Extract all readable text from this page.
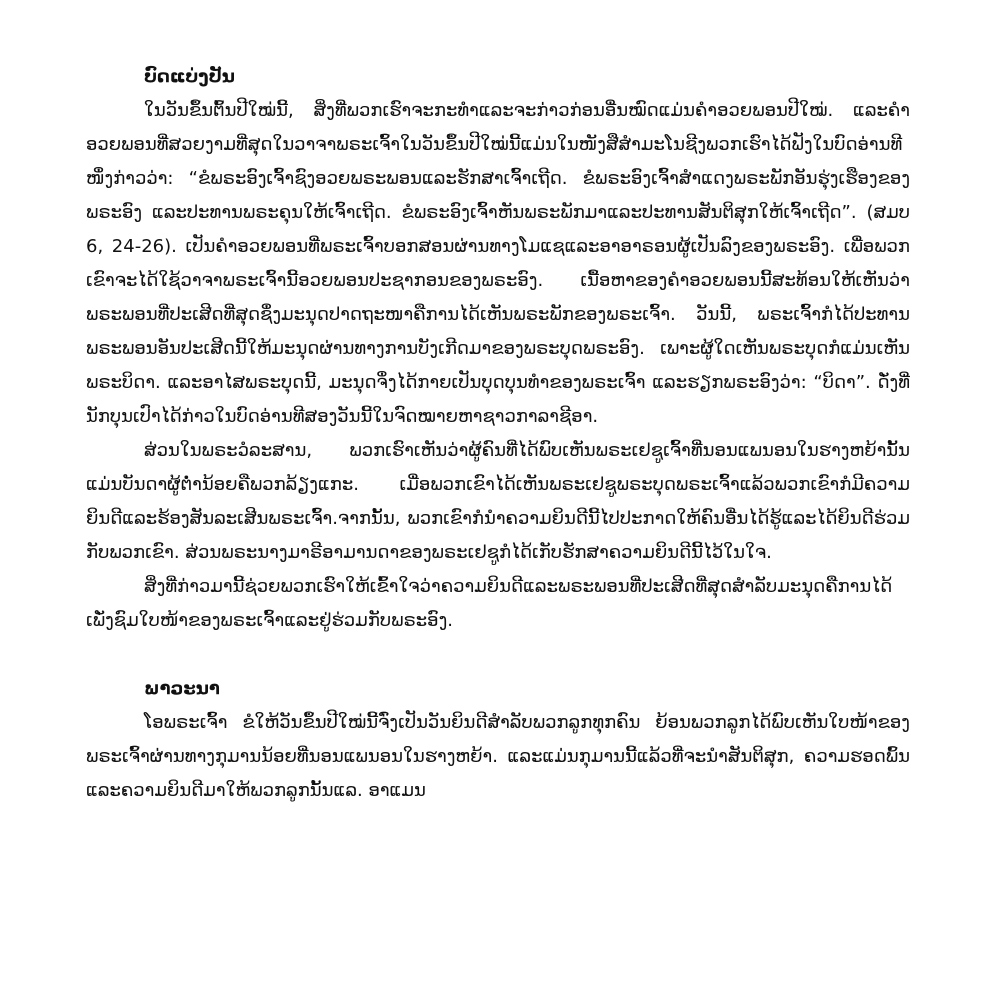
ບົດແບ່ງປັນ

ໃນວັນຂຶ້ນຕົ້ນປີໃໝ່ນີ້, ສິ່ງທີ່ພວກເຮົາຈະກະທຳແລະຈະກ່າວກ່ອນອື່ນໝົດແມ່ນຄຳອວຍພອນປີໃໝ່. ແລະຄຳອວຍພອນທີ່ສວຍງາມທີ່ສຸດໃນວາຈາພຣະເຈົ້າໃນວັນຂຶ້ນປີໃໝ່ນີ້ແມ່ນໃນໜັງສືສຳມະໂນຊີງພວກເຮົາໄດ້ຟັງໃນບົດອ່ານທີໜຶ່ງກ່າວວ່າ: “ຂໍພຣະອົງເຈົ້າຊົງອວຍພຣະພອນແລະຮັກສາເຈົ້າເຖີດ. ຂໍພຣະອົງເຈົ້າສຳແດງພຣະພັກອັນຮຸ່ງເຮືອງຂອງພຣະອົງ ແລະປະທານພຣະຄຸນໃຫ້ເຈົ້າເຖີດ. ຂໍພຣະອົງເຈົ້າຫັນພຣະພັກມາແລະປະທານສັນຕິສຸກໃຫ້ເຈົ້າເຖີດ”. (ສມບ 6, 24-26). ເປັນຄຳອວຍພອນທີ່ພຣະເຈົ້າບອກສອນຜ່ານທາງໂມແຊແລະອາອາຣອນຜູ້ເປັນລົງຂອງພຣະອົງ. ເພື່ອພວກເຂົາຈະໄດ້ໃຊ້ວາຈາພຣະເຈົ້ານີ້ອວຍພອນປະຊາກອນຂອງພຣະອົງ. ເນື້ອຫາຂອງຄຳອວຍພອນນີ້ສະທ້ອນໃຫ້ເຫັນວ່າ ພຣະພອນທີ່ປະເສີດທີ່ສຸດຊຶ່ງມະນຸດປາດຖະໜາຄືການໄດ້ເຫັນພຣະພັກຂອງພຣະເຈົ້າ. ວັນນີ້, ພຣະເຈົ້າກໍໄດ້ປະທານພຣະພອນອັນປະເສີດນີ້ໃຫ້ມະນຸດຜ່ານທາງການບັງເກີດມາຂອງພຣະບຸດພຣະອົງ. ເພາະຜູ້ໃດເຫັນພຣະບຸດກໍແມ່ນເຫັນພຣະບິດາ. ແລະອາໄສພຣະບຸດນີ້, ມະນຸດຈຶ່ງໄດ້ກາຍເປັນບຸດບຸນທຳຂອງພຣະເຈົ້າ ແລະຮຽກພຣະອົງວ່າ: “ບິດາ”. ດັ່ງທີ່ນັກບຸນເປົາໄດ້ກ່າວໃນບົດອ່ານທີສອງວັນນີ້ໃນຈົດໝາຍຫາຊາວກາລາຊີອາ.

ສ່ວນໃນພຣະວໍລະສານ, ພວກເຮົາເຫັນວ່າຜູ້ຄົນທີ່ໄດ້ພົບເຫັນພຣະເຢຊູເຈົ້າທີ່ນອນແພນອນໃນຮາງຫຍ້ານັ້ນແມ່ນບັນດາຜູ້ຕໍ່ານ້ອຍຄືພວກລ້ຽງແກະ. ເມື່ອພວກເຂົາໄດ້ເຫັນພຣະເຢຊູພຣະບຸດພຣະເຈົ້າແລ້ວພວກເຂົາກໍມີຄວາມຍິນດີແລະຮ້ອງສັນລະເສີນພຣະເຈົ້າ.ຈາກນັ້ນ, ພວກເຂົາກໍນຳຄວາມຍິນດີນີ້ໄປປະກາດໃຫ້ຄົນອື່ນໄດ້ຮູ້ແລະໄດ້ຍິນດີຮ່ວມກັບພວກເຂົາ. ສ່ວນພຣະນາງມາຣີອາມານດາຂອງພຣະເຢຊູກໍໄດ້ເກັບຮັກສາຄວາມຍິນດີນີ້ໄວ້ໃນໃຈ.

ສິ່ງທີ່ກ່າວມານີ້ຊ່ວຍພວກເຮົາໃຫ້ເຂົ້າໃຈວ່າຄວາມຍິນດີແລະພຣະພອນທີ່ປະເສີດທີ່ສຸດສຳລັບມະນຸດຄືການໄດ້ເພັ່ງຊົມໃບໜ້າຂອງພຣະເຈົ້າແລະຢູ່ຮ່ວມກັບພຣະອົງ.

ພາວະນາ

ໂອພຣະເຈົ້າ ຂໍໃຫ້ວັນຂຶ້ນປີໃໝ່ນີ້ຈົ່ງເປັນວັນຍິນດີສຳລັບພວກລູກທຸກຄົນ ຍ້ອນພວກລູກໄດ້ພົບເຫັນໃບໜ້າຂອງພຣະເຈົ້າຜ່ານທາງກຸມານນ້ອຍທີ່ນອນແພນອນໃນຮາງຫຍ້າ. ແລະແມ່ນກຸມານນີ້ແລ້ວທີ່ຈະນຳສັນຕິສຸກ, ຄວາມຮອດພົ້ນແລະຄວາມຍິນດີມາໃຫ້ພວກລູກນັ້ນແລ. ອາແມນ
